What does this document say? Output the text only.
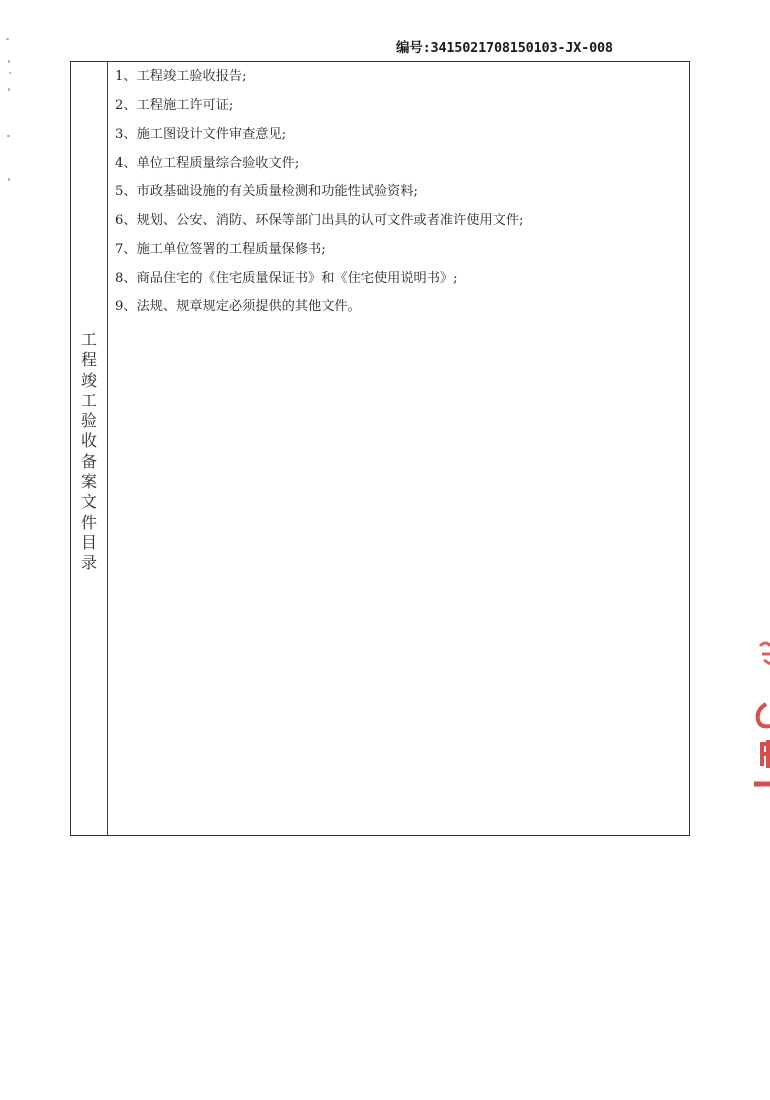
编号:3415021708150103-JX-008
工
程
竣
工
验
收
备
案
文
件
目
录
1、工程竣工验收报告;
2、工程施工许可证;
3、施工图设计文件审查意见;
4、单位工程质量综合验收文件;
5、市政基础设施的有关质量检测和功能性试验资料;
6、规划、公安、消防、环保等部门出具的认可文件或者准许使用文件;
7、施工单位签署的工程质量保修书;
8、商品住宅的《住宅质量保证书》和《住宅使用说明书》;
9、法规、规章规定必须提供的其他文件。
